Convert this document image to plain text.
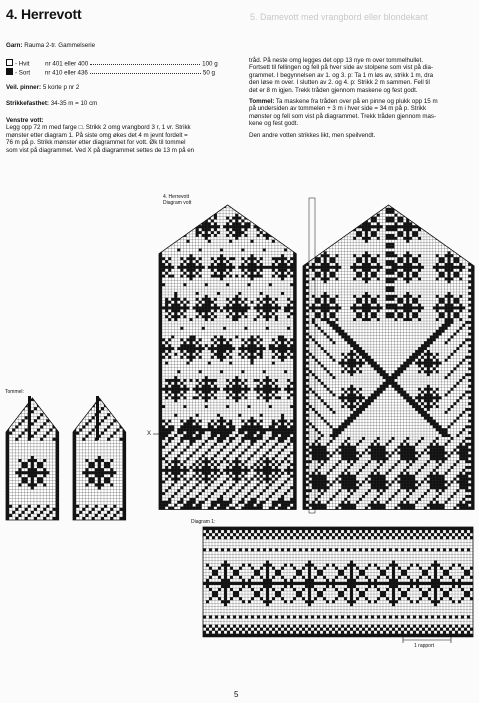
4. Herrevott	5. Damevott med vrangbord eller blondekant
Garn: Rauma 2-tr. Gammelserie
- Hvit	nr 401 eller 400	100 g
- Sort nr 410 eller 436	50 g
Veil. pinner: 5 korte p nr 2
Strikkefasthet: 34-35 m = 10 cm
Venstre vott:
Legg opp 72 m med farge □. Strikk 2 omg vrangbord 3 r, 1 vr. Strikk
mønster etter diagram 1. På siste omg økes det 4 m jevnt fordelt =
76 m på p. Strikk mønster etter diagrammet for vott. Øk til tommel
som vist på diagrammet. Ved X på diagrammet settes de 13 m på en
tråd. På neste omg legges det opp 13 nye m over tommelhullet.
Fortsett til fellingen og fell på hver side av stolpene som vist på dia-
grammet. I begynnelsen av 1. og 3. p: Ta 1 m løs av, strikk 1 m, dra
den løse m over. I slutten av 2. og 4. p: Strikk 2 m sammen. Fell til
det er 8 m igjen. Trekk tråden gjennom maskene og fest godt.
Tommel: Ta maskene fra tråden over på en pinne og plukk opp 15 m
på undersiden av tommelen + 3 m i hver side = 34 m på p. Strikk
mønster og fell som vist på diagrammet. Trekk tråden gjennom mas-
kene og fest godt.
Den andre votten strikkes likt, men speilvendt.
4. Herrevott
Diagram vott
Tommel:
X
Diagram 1:
1 rapport
5
